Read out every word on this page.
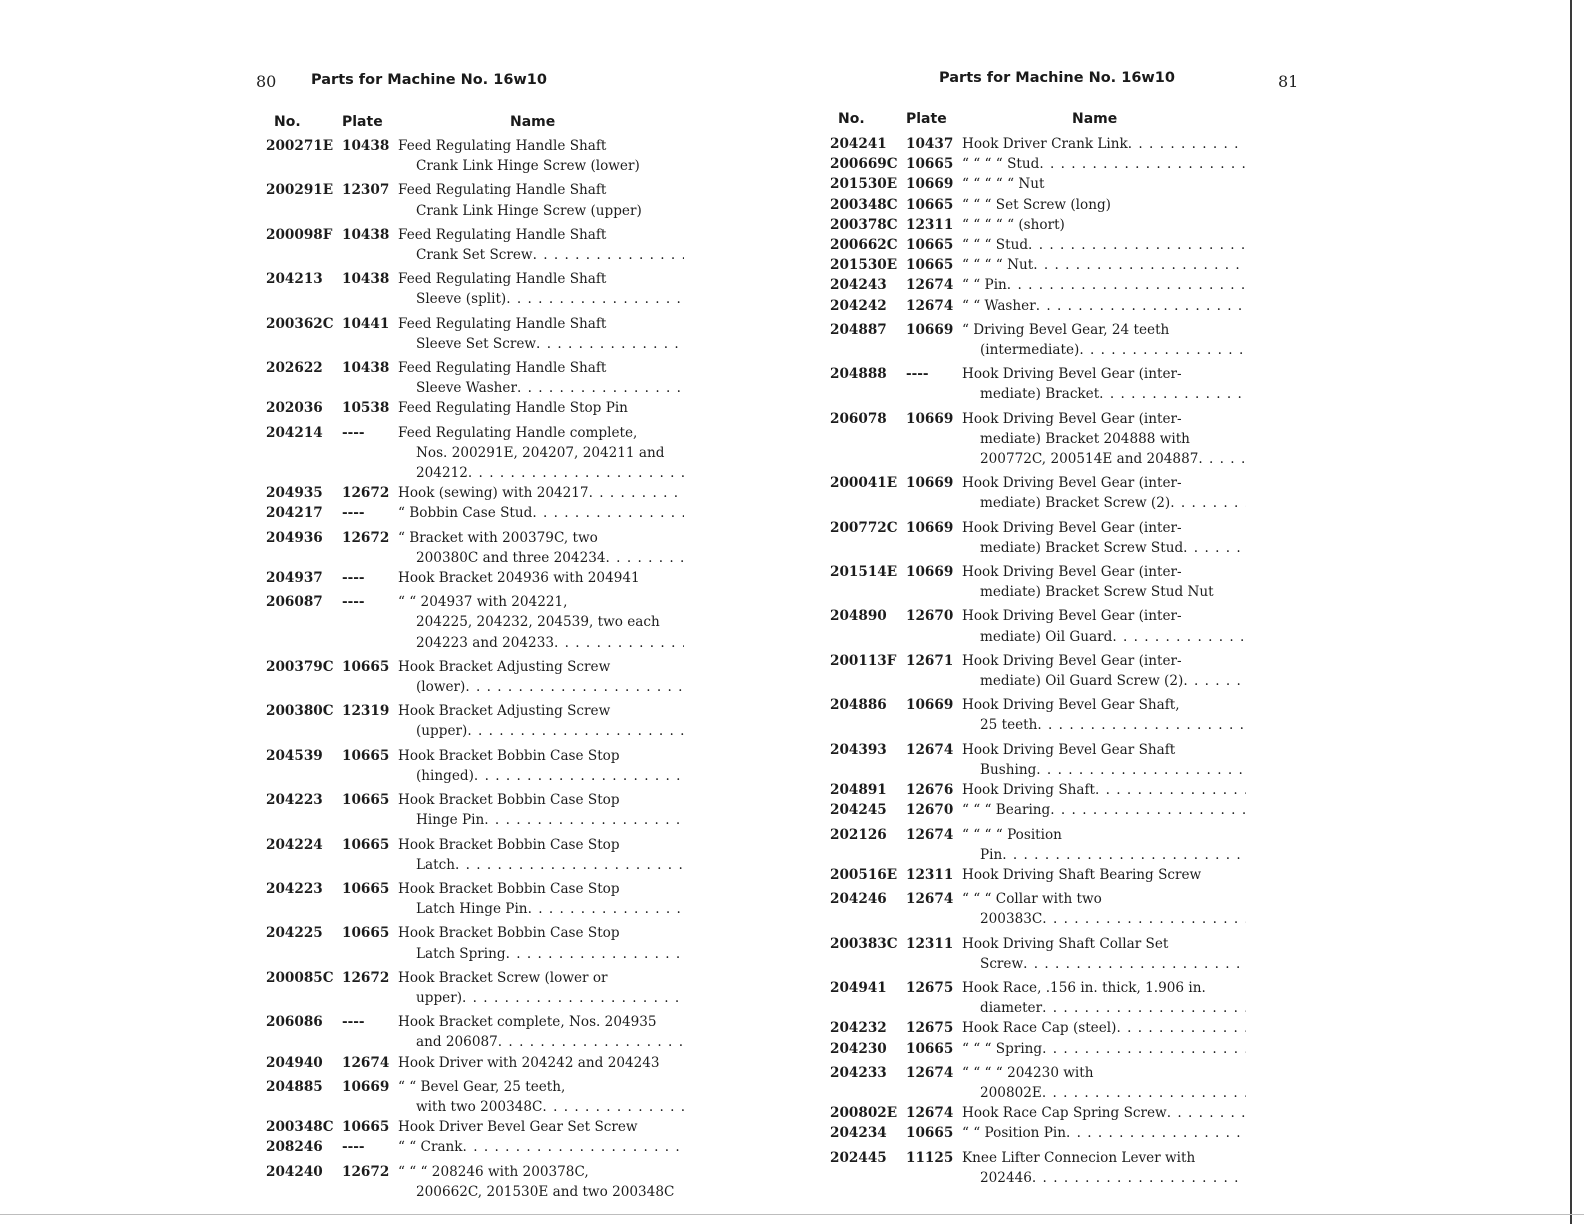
80	Parts for Machine No. 16w10
No.	Plate	Name
200271E 10438 Feed Regulating Handle Shaft
Crank Link Hinge Screw (lower)
200291E 12307 Feed Regulating Handle Shaft
Crank Link Hinge Screw (upper)
200098F 10438 Feed Regulating Handle Shaft
Crank Set Screw
. . .
204213	10438 Feed Regulating Handle Shaft
Sleeve (split)
. . .
200362C 10441 Feed Regulating Handle Shaft
Sleeve Set Screw
. . .
202622	10438 Feed Regulating Handle Shaft
Sleeve Washer
. . .
202036	10538 Feed Regulating Handle Stop Pin
204214	----	Feed Regulating Handle complete,
Nos. 200291E, 204207, 204211 and
204212
. . .
204935	12672 Hook (sewing) with 204217
. . .
204217	----	“ Bobbin Case Stud
. . .
204936	12672 “ Bracket with 200379C, two
200380C and three 204234
. . .
204937	----	Hook Bracket 204936 with 204941
206087	----	“ “ 204937 with 204221,
204225, 204232, 204539, two each
204223 and 204233
. . .
200379C 10665 Hook Bracket Adjusting Screw
(lower)
. . .
200380C 12319 Hook Bracket Adjusting Screw
(upper)
. . .
204539	10665 Hook Bracket Bobbin Case Stop
(hinged)
. . .
204223	10665 Hook Bracket Bobbin Case Stop
Hinge Pin
. . .
204224	10665 Hook Bracket Bobbin Case Stop
Latch
. . .
204223	10665 Hook Bracket Bobbin Case Stop
Latch Hinge Pin
. . .
204225	10665 Hook Bracket Bobbin Case Stop
Latch Spring
. . .
200085C 12672 Hook Bracket Screw (lower or
upper)
. . .
206086	----	Hook Bracket complete, Nos. 204935
and 206087
. . .
204940	12674 Hook Driver with 204242 and 204243
204885	10669 “ “ Bevel Gear, 25 teeth,
with two 200348C
. . .
200348C 10665 Hook Driver Bevel Gear Set Screw
208246	----	“ “ Crank
. . .
204240	12672 “ “ “ 208246 with 200378C,
200662C, 201530E and two 200348C
81
Parts for Machine No. 16w10
No.	Plate	Name
204241	10437 Hook Driver Crank Link
. . .
200669C 10665 “ “ “ “ Stud
. . .
201530E 10669 “ “ “ “ “ Nut
200348C 10665 “ “ “ Set Screw (long)
200378C 12311 “ “ “ “ “ (short)
200662C 10665 “ “ “ Stud
. . .
201530E 10665 “ “ “ “ Nut
. . .
204243	12674 “ “ Pin
. . .
204242	12674 “ “ Washer
. . .
204887	10669 “ Driving Bevel Gear, 24 teeth
(intermediate)
. . .
204888	----	Hook Driving Bevel Gear (inter-
mediate) Bracket
. . .
206078	10669 Hook Driving Bevel Gear (inter-
mediate) Bracket 204888 with
200772C, 200514E and 204887
. . .
200041E 10669 Hook Driving Bevel Gear (inter-
mediate) Bracket Screw (2)
. . .
200772C 10669 Hook Driving Bevel Gear (inter-
mediate) Bracket Screw Stud
. . .
201514E 10669 Hook Driving Bevel Gear (inter-
mediate) Bracket Screw Stud Nut
204890	12670 Hook Driving Bevel Gear (inter-
mediate) Oil Guard
. . .
200113F 12671 Hook Driving Bevel Gear (inter-
mediate) Oil Guard Screw (2)
. . .
204886	10669 Hook Driving Bevel Gear Shaft,
25 teeth
. . .
204393	12674 Hook Driving Bevel Gear Shaft
Bushing
. . .
204891	12676 Hook Driving Shaft
. . .
204245	12670 “ “ “ Bearing
. . .
202126	12674 “ “ “ “ Position
Pin
. . .
200516E 12311 Hook Driving Shaft Bearing Screw
204246	12674 “ “ “ Collar with two
200383C
. . .
200383C 12311 Hook Driving Shaft Collar Set
Screw
. . .
204941	12675 Hook Race, .156 in. thick, 1.906 in.
diameter
. . .
204232	12675 Hook Race Cap (steel)
. . .
204230	10665 “ “ “ Spring
. . .
204233	12674 “ “ “ “ 204230 with
200802E
. . .
200802E 12674 Hook Race Cap Spring Screw
. . .
204234	10665 “ “ Position Pin
. . .
202445	11125 Knee Lifter Connecion Lever with
202446
. . .
